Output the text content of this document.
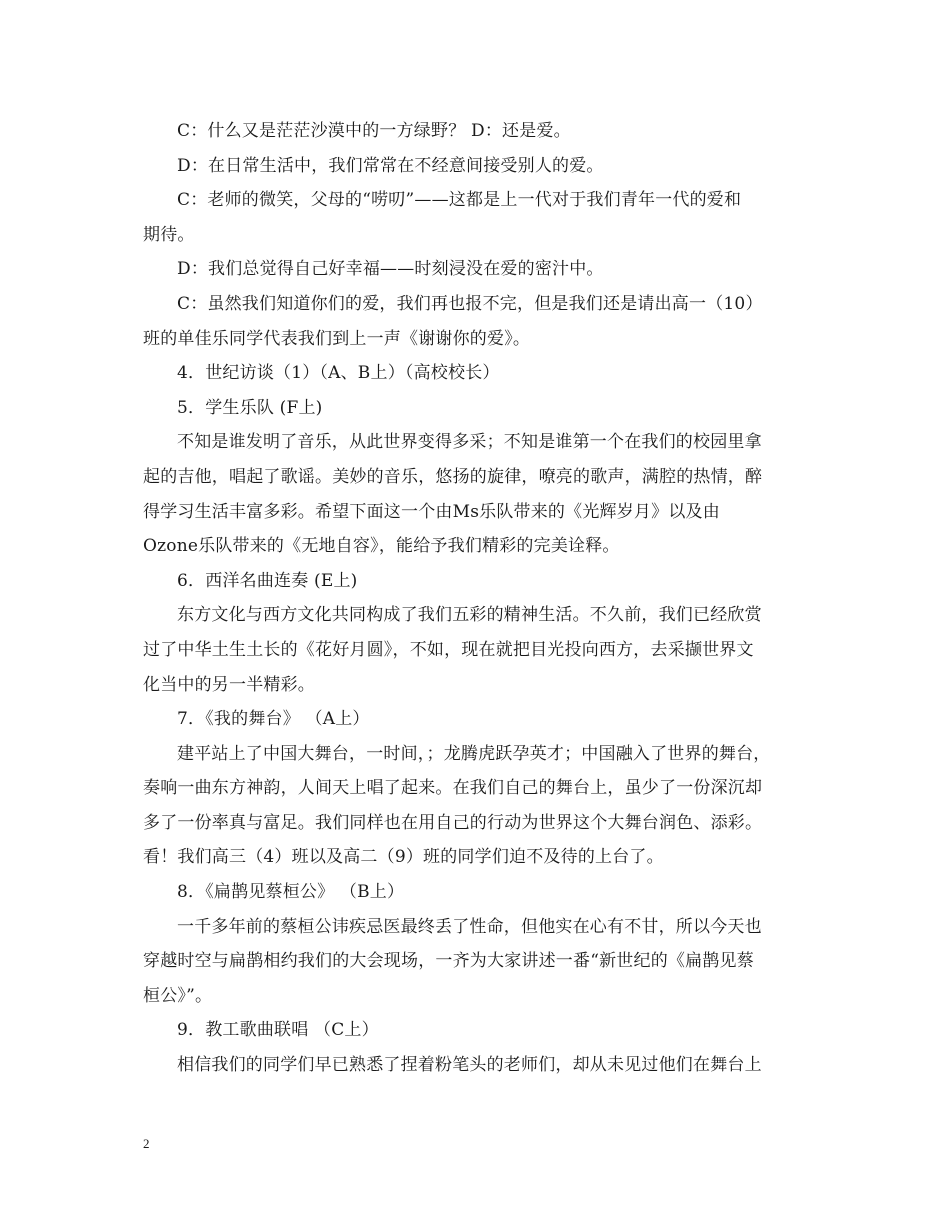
C：什么又是茫茫沙漠中的一方绿野？ D：还是爱。
D：在日常生活中，我们常常在不经意间接受别人的爱。
C：老师的微笑，父母的“唠叨”——这都是上一代对于我们青年一代的爱和
期待。
D：我们总觉得自己好幸福——时刻浸没在爱的密汁中。
C：虽然我们知道你们的爱，我们再也报不完，但是我们还是请出高一（10）
班的单佳乐同学代表我们到上一声《谢谢你的爱》。
4．世纪访谈（1）（A、B上）（高校校长）
5．学生乐队 (F上)
不知是谁发明了音乐，从此世界变得多采；不知是谁第一个在我们的校园里拿
起的吉他，唱起了歌谣。美妙的音乐，悠扬的旋律，嘹亮的歌声，满腔的热情，醉
得学习生活丰富多彩。希望下面这一个由Ms乐队带来的《光辉岁月》以及由
Ozone乐队带来的《无地自容》，能给予我们精彩的完美诠释。
6．西洋名曲连奏 (E上)
东方文化与西方文化共同构成了我们五彩的精神生活。不久前，我们已经欣赏
过了中华土生土长的《花好月圆》，不如，现在就把目光投向西方，去采撷世界文
化当中的另一半精彩。
7．《我的舞台》 （A上）
建平站上了中国大舞台，一时间，；龙腾虎跃孕英才；中国融入了世界的舞台，
奏响一曲东方神韵，人间天上唱了起来。在我们自己的舞台上，虽少了一份深沉却
多了一份率真与富足。我们同样也在用自己的行动为世界这个大舞台润色、添彩。
看！我们高三（4）班以及高二（9）班的同学们迫不及待的上台了。
8．《扁鹊见蔡桓公》 （B上）
一千多年前的蔡桓公讳疾忌医最终丢了性命，但他实在心有不甘，所以今天也
穿越时空与扁鹊相约我们的大会现场，一齐为大家讲述一番“新世纪的《扁鹊见蔡
桓公》”。
9．教工歌曲联唱 （C上）
相信我们的同学们早已熟悉了捏着粉笔头的老师们，却从未见过他们在舞台上
2
